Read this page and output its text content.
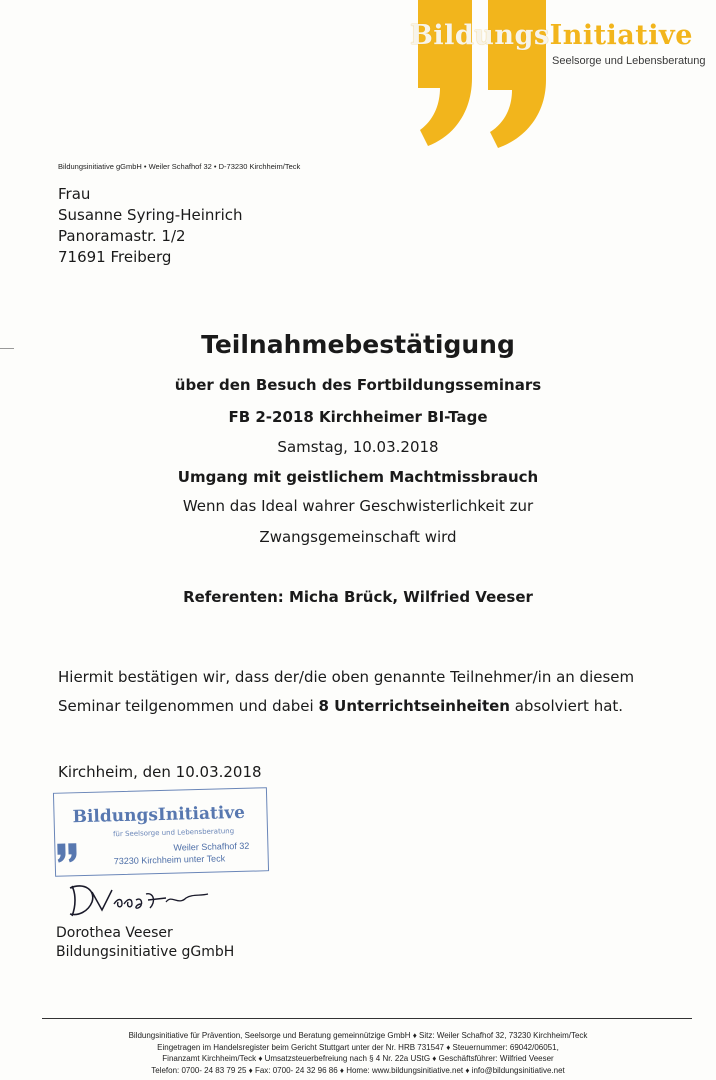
BildungsInitiative
Seelsorge und Lebensberatung
Bildungsinitiative gGmbH • Weiler Schafhof 32 • D-73230 Kirchheim/Teck
Frau
Susanne Syring-Heinrich
Panoramastr. 1/2
71691 Freiberg
Teilnahmebestätigung
über den Besuch des Fortbildungsseminars
FB 2-2018 Kirchheimer BI-Tage
Samstag, 10.03.2018
Umgang mit geistlichem Machtmissbrauch
Wenn das Ideal wahrer Geschwisterlichkeit zur
Zwangsgemeinschaft wird
Referenten: Micha Brück, Wilfried Veeser
Hiermit bestätigen wir, dass der/die oben genannte Teilnehmer/in an diesem
Seminar teilgenommen und dabei 8 Unterrichtseinheiten absolviert hat.
Kirchheim, den 10.03.2018
BildungsInitiative
für Seelsorge und Lebensberatung
Weiler Schafhof 32
73230 Kirchheim unter Teck
Dorothea Veeser
Bildungsinitiative gGmbH
Bildungsinitiative für Prävention, Seelsorge und Beratung gemeinnützige GmbH ♦ Sitz: Weiler Schafhof 32, 73230 Kirchheim/Teck
Eingetragen im Handelsregister beim Gericht Stuttgart unter der Nr. HRB 731547 ♦ Steuernummer: 69042/06051,
Finanzamt Kirchheim/Teck ♦ Umsatzsteuerbefreiung nach § 4 Nr. 22a UStG ♦ Geschäftsführer: Wilfried Veeser
Telefon: 0700- 24 83 79 25 ♦ Fax: 0700- 24 32 96 86 ♦ Home: www.bildungsinitiative.net ♦ info@bildungsinitiative.net
